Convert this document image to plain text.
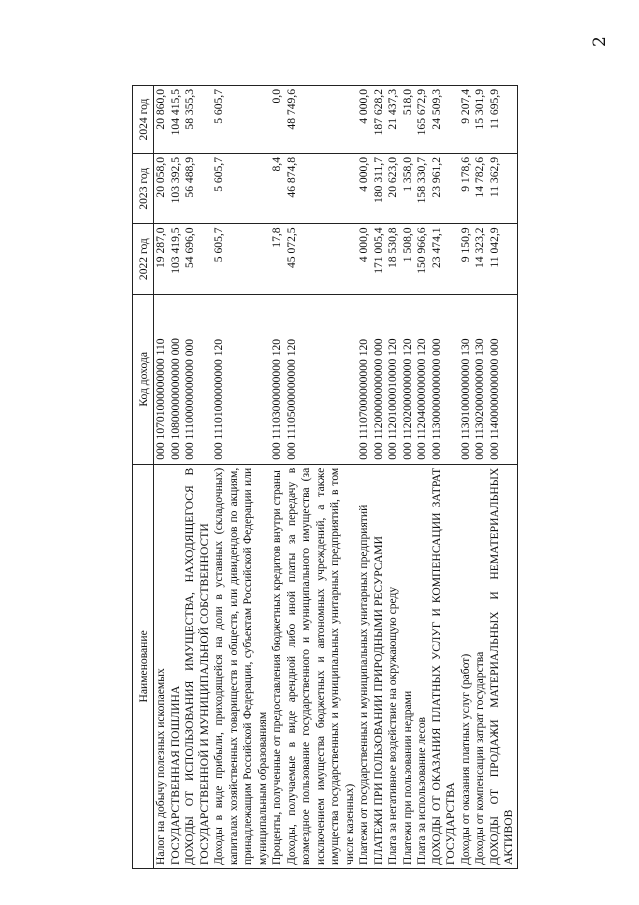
2
Наименование	Код дохода	2022 год	2023 год	2024 год
Налог на добычу полезных ископаемых	000 10701000000000 110	19 287,0	20 058,0	20 860,0
ГОСУДАРСТВЕННАЯ ПОШЛИНА	000 10800000000000 000	103 419,5	103 392,5	104 415,5
ДОХОДЫ ОТ ИСПОЛЬЗОВАНИЯ ИМУЩЕСТВА, НАХОДЯЩЕГОСЯ В ГОСУДАРСТВЕННОЙ И МУНИЦИПАЛЬНОЙ СОБСТВЕННОСТИ	000 11100000000000 000	54 696,0	56 488,9	58 355,3
Доходы в виде прибыли, приходящейся на доли в уставных (складочных) капиталах хозяйственных товариществ и обществ, или дивидендов по акциям, принадлежащим Российской Федерации, субъектам Российской Федерации или муниципальным образованиям	000 11101000000000 120	5 605,7	5 605,7	5 605,7
Проценты, полученные от предоставления бюджетных кредитов внутри страны	000 11103000000000 120	17,8	8,4	0,0
Доходы, получаемые в виде арендной либо иной платы за передачу в возмездное пользование государственного и муниципального имущества (за исключением имущества бюджетных и автономных учреждений, а также имущества государственных и муниципальных унитарных предприятий, в том числе казенных)	000 11105000000000 120	45 072,5	46 874,8	48 749,6
Платежи от государственных и муниципальных унитарных предприятий	000 11107000000000 120	4 000,0	4 000,0	4 000,0
ПЛАТЕЖИ ПРИ ПОЛЬЗОВАНИИ ПРИРОДНЫМИ РЕСУРСАМИ	000 11200000000000 000	171 005,4	180 311,7	187 628,2
Плата за негативное воздействие на окружающую среду	000 11201000010000 120	18 530,8	20 623,0	21 437,3
Платежи при пользовании недрами	000 11202000000000 120	1 508,0	1 358,0	518,0
Плата за использование лесов	000 11204000000000 120	150 966,6	158 330,7	165 672,9
ДОХОДЫ ОТ ОКАЗАНИЯ ПЛАТНЫХ УСЛУГ И КОМПЕНСАЦИИ ЗАТРАТ ГОСУДАРСТВА	000 11300000000000 000	23 474,1	23 961,2	24 509,3
Доходы от оказания платных услуг (работ)	000 11301000000000 130	9 150,9	9 178,6	9 207,4
Доходы от компенсации затрат государства	000 11302000000000 130	14 323,2	14 782,6	15 301,9
ДОХОДЫ ОТ ПРОДАЖИ МАТЕРИАЛЬНЫХ И НЕМАТЕРИАЛЬНЫХ АКТИВОВ	000 11400000000000 000	11 042,9	11 362,9	11 695,9
